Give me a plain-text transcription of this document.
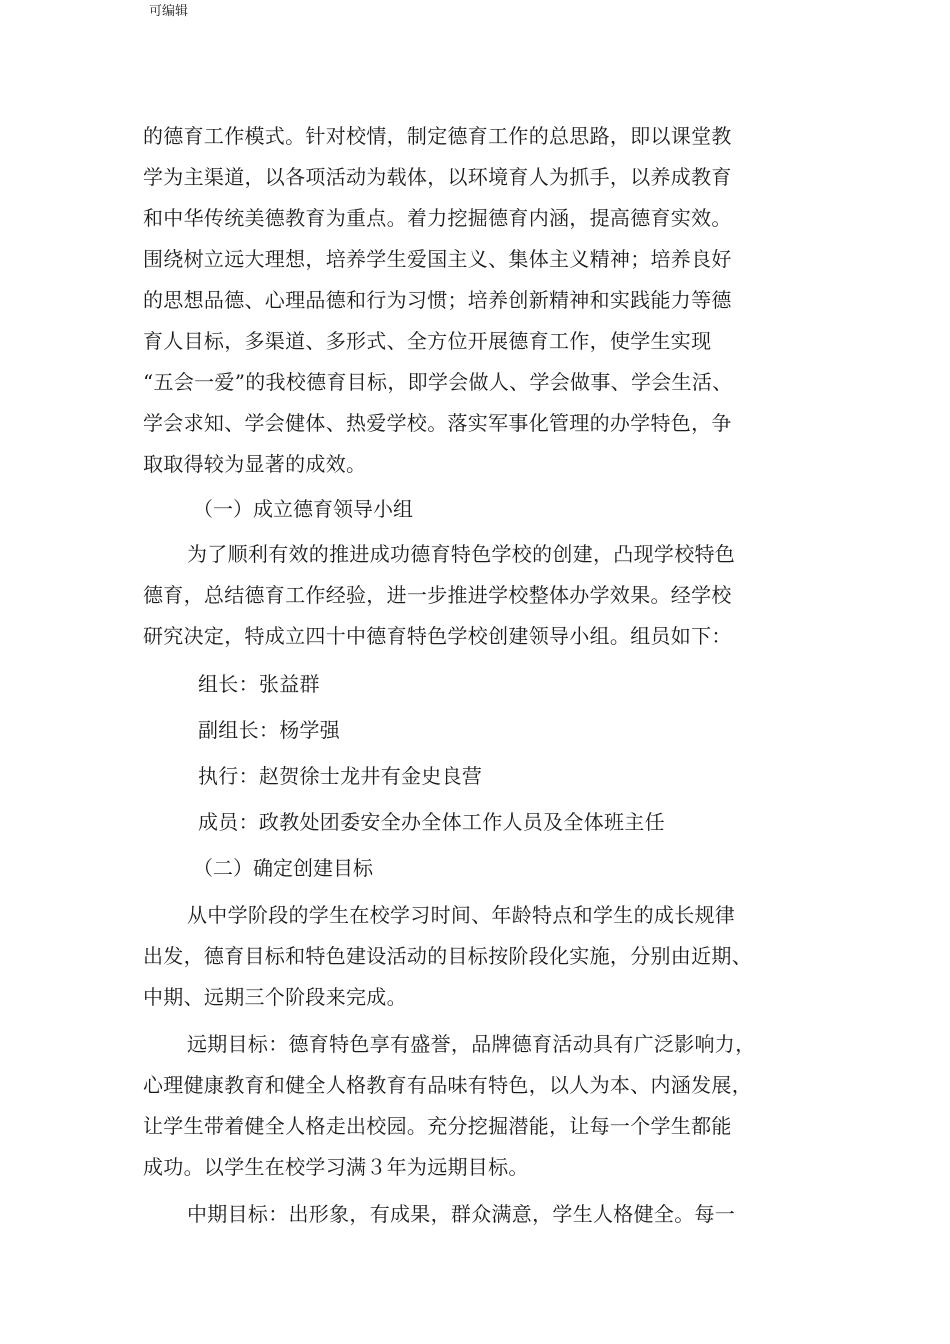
可编辑

的德育工作模式。针对校情，制定德育工作的总思路，即以课堂教
学为主渠道，以各项活动为载体，以环境育人为抓手，以养成教育
和中华传统美德教育为重点。着力挖掘德育内涵，提高德育实效。
围绕树立远大理想，培养学生爱国主义、集体主义精神；培养良好
的思想品德、心理品德和行为习惯；培养创新精神和实践能力等德
育人目标，多渠道、多形式、全方位开展德育工作，使学生实现
“五会一爱”的我校德育目标，即学会做人、学会做事、学会生活、
学会求知、学会健体、热爱学校。落实军事化管理的办学特色，争
取取得较为显著的成效。

（一）成立德育领导小组

为了顺利有效的推进成功德育特色学校的创建，凸现学校特色
德育，总结德育工作经验，进一步推进学校整体办学效果。经学校
研究决定，特成立四十中德育特色学校创建领导小组。组员如下：

组长：张益群
副组长：杨学强
执行：赵贺徐士龙井有金史良营
成员：政教处团委安全办全体工作人员及全体班主任

（二）确定创建目标

从中学阶段的学生在校学习时间、年龄特点和学生的成长规律
出发，德育目标和特色建设活动的目标按阶段化实施，分别由近期、
中期、远期三个阶段来完成。

远期目标：德育特色享有盛誉，品牌德育活动具有广泛影响力，
心理健康教育和健全人格教育有品味有特色，以人为本、内涵发展，
让学生带着健全人格走出校园。充分挖掘潜能，让每一个学生都能
成功。以学生在校学习满３年为远期目标。

中期目标：出形象，有成果，群众满意，学生人格健全。每一
